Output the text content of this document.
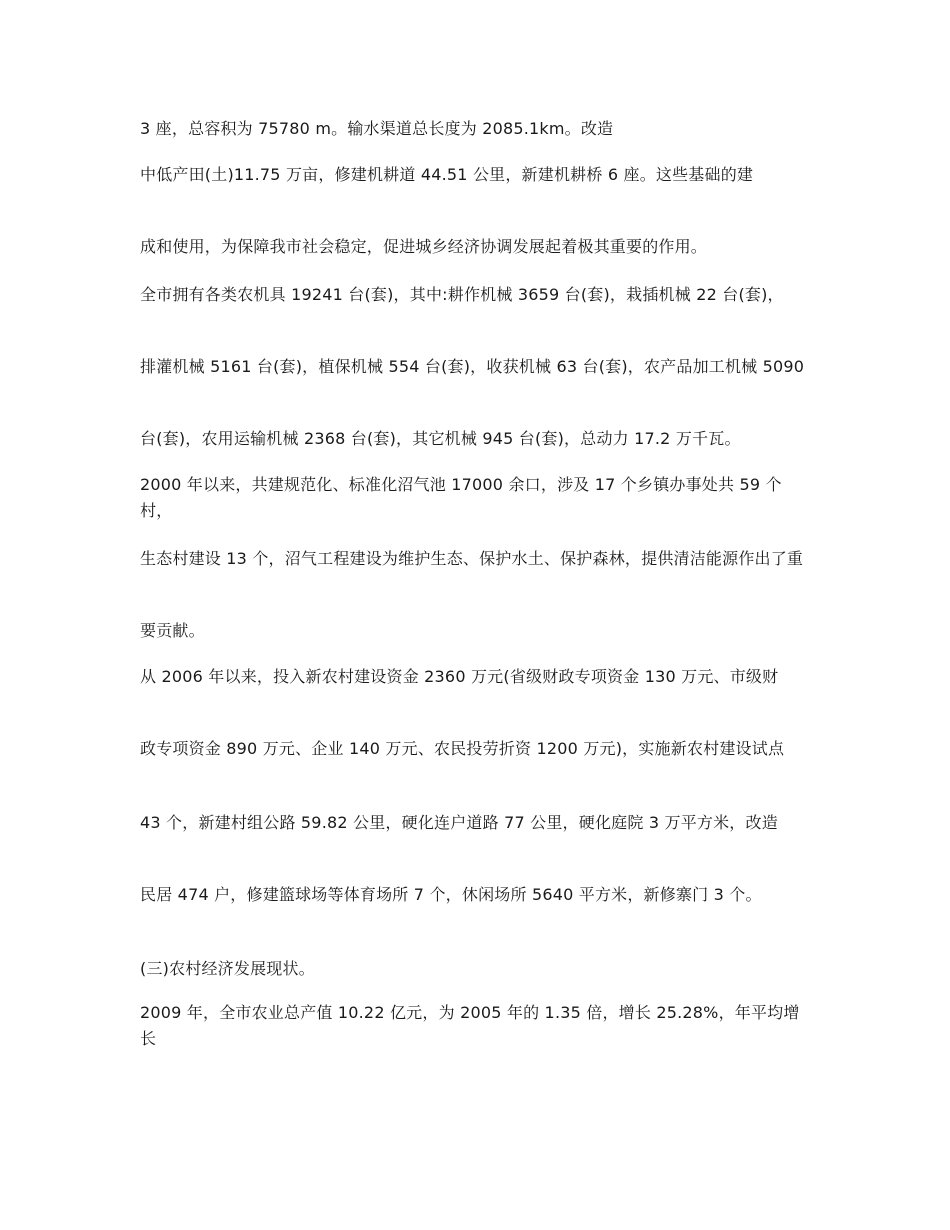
3 座，总容积为 75780 m。输水渠道总长度为 2085.1km。改造

中低产田(土)11.75 万亩，修建机耕道 44.51 公里，新建机耕桥 6 座。这些基础的建

成和使用，为保障我市社会稳定，促进城乡经济协调发展起着极其重要的作用。

全市拥有各类农机具 19241 台(套)，其中:耕作机械 3659 台(套)，栽插机械 22 台(套)，

排灌机械 5161 台(套)，植保机械 554 台(套)，收获机械 63 台(套)，农产品加工机械 5090

台(套)，农用运输机械 2368 台(套)，其它机械 945 台(套)，总动力 17.2 万千瓦。

2000 年以来，共建规范化、标准化沼气池 17000 余口，涉及 17 个乡镇办事处共 59 个村，

生态村建设 13 个，沼气工程建设为维护生态、保护水土、保护森林，提供清洁能源作出了重

要贡献。

从 2006 年以来，投入新农村建设资金 2360 万元(省级财政专项资金 130 万元、市级财

政专项资金 890 万元、企业 140 万元、农民投劳折资 1200 万元)，实施新农村建设试点

43 个，新建村组公路 59.82 公里，硬化连户道路 77 公里，硬化庭院 3 万平方米，改造

民居 474 户，修建篮球场等体育场所 7 个，休闲场所 5640 平方米，新修寨门 3 个。

(三)农村经济发展现状。

2009 年，全市农业总产值 10.22 亿元，为 2005 年的 1.35 倍，增长 25.28%，年平均增长
